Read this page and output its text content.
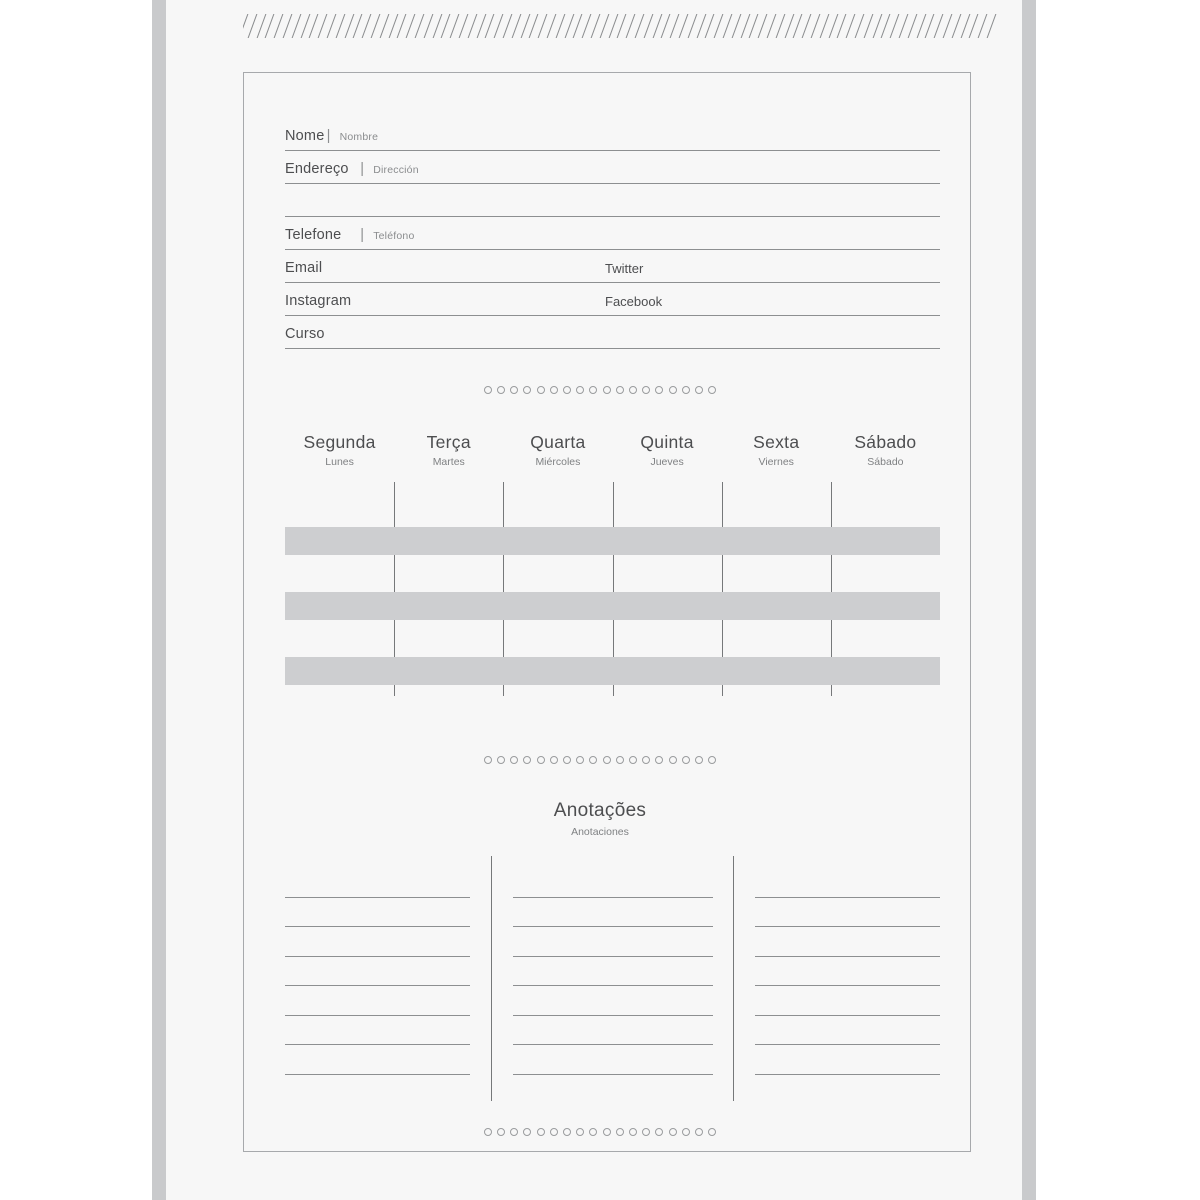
Nome | Nombre
Endereço | Dirección
Telefone | Teléfono
Email	Twitter
Instagram	Facebook
Curso
Segunda
Lunes
Terça
Martes
Quarta
Miércoles
Quinta
Jueves
Sexta
Viernes
Sábado
Sábado
Anotações
Anotaciones
